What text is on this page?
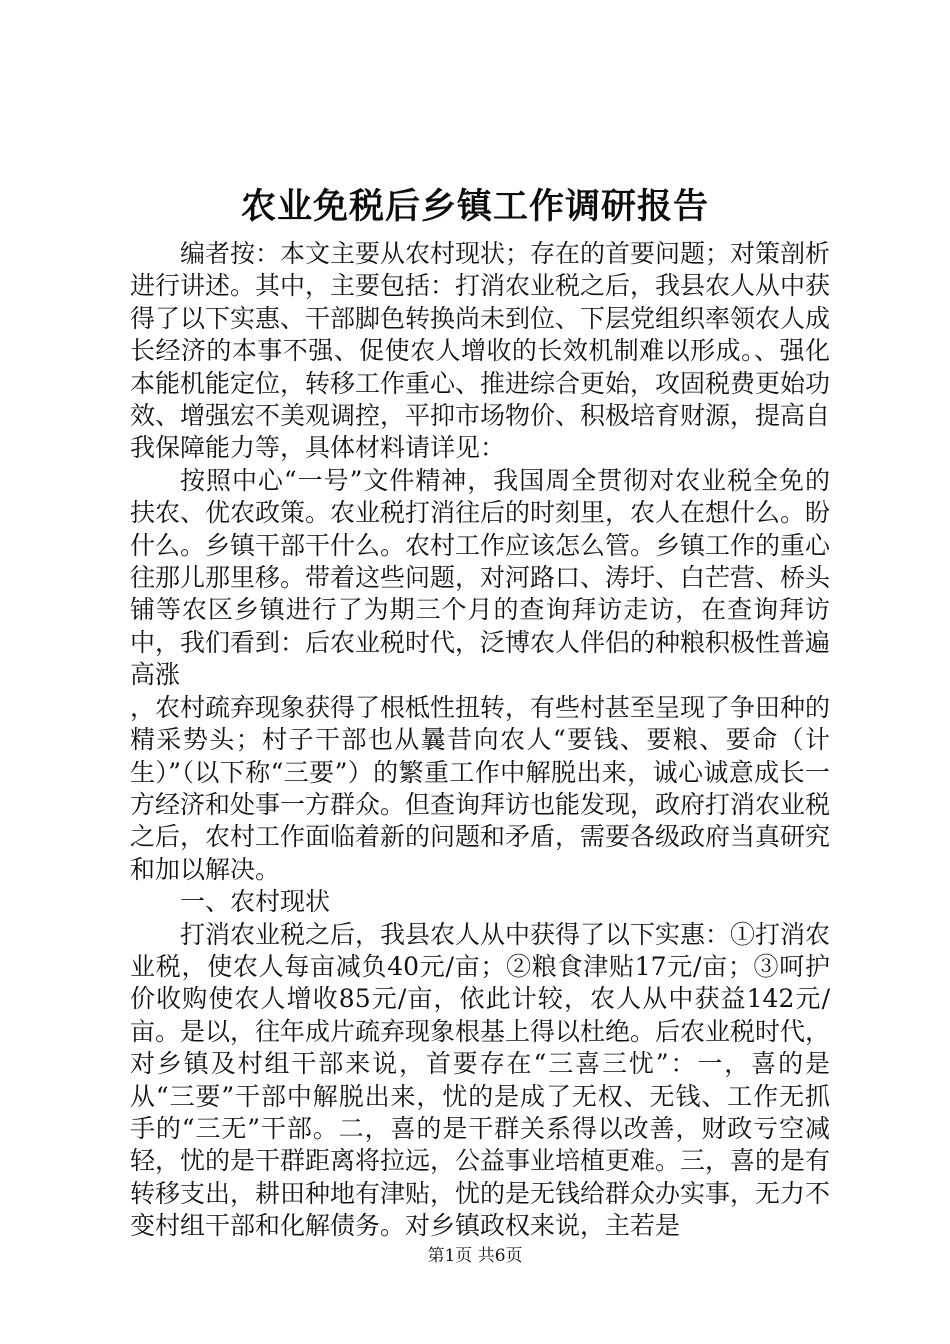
农业免税后乡镇工作调研报告

编者按：本文主要从农村现状；存在的首要问题；对策剖析进行讲述。其中，主要包括：打消农业税之后，我县农人从中获得了以下实惠、干部脚色转换尚未到位、下层党组织率领农人成长经济的本事不强、促使农人增收的长效机制难以形成。、强化本能机能定位，转移工作重心、推进综合更始，攻固税费更始功效、增强宏不美观调控，平抑市场物价、积极培育财源，提高自我保障能力等，具体材料请详见：

按照中心“一号”文件精神，我国周全贯彻对农业税全免的扶农、优农政策。农业税打消往后的时刻里，农人在想什么。盼什么。乡镇干部干什么。农村工作应该怎么管。乡镇工作的重心往那儿那里移。带着这些问题，对河路口、涛圩、白芒营、桥头铺等农区乡镇进行了为期三个月的查询拜访走访，在查询拜访中，我们看到：后农业税时代，泛博农人伴侣的种粮积极性普遍高涨

，农村疏弃现象获得了根柢性扭转，有些村甚至呈现了争田种的精采势头；村子干部也从曩昔向农人“要钱、要粮、要命（计生）”（以下称“三要”）的繁重工作中解脱出来，诚心诚意成长一方经济和处事一方群众。但查询拜访也能发现，政府打消农业税之后，农村工作面临着新的问题和矛盾，需要各级政府当真研究和加以解决。

一、农村现状

打消农业税之后，我县农人从中获得了以下实惠：①打消农业税，使农人每亩减负40元/亩；②粮食津贴17元/亩；③呵护价收购使农人增收85元/亩，依此计较，农人从中获益142元/亩。是以，往年成片疏弃现象根基上得以杜绝。后农业税时代，对乡镇及村组干部来说，首要存在“三喜三忧”：一，喜的是从“三要”干部中解脱出来，忧的是成了无权、无钱、工作无抓手的“三无”干部。二，喜的是干群关系得以改善，财政亏空减轻，忧的是干群距离将拉远，公益事业培植更难。三，喜的是有转移支出，耕田种地有津贴，忧的是无钱给群众办实事，无力不变村组干部和化解债务。对乡镇政权来说，主若是

第1页 共6页
